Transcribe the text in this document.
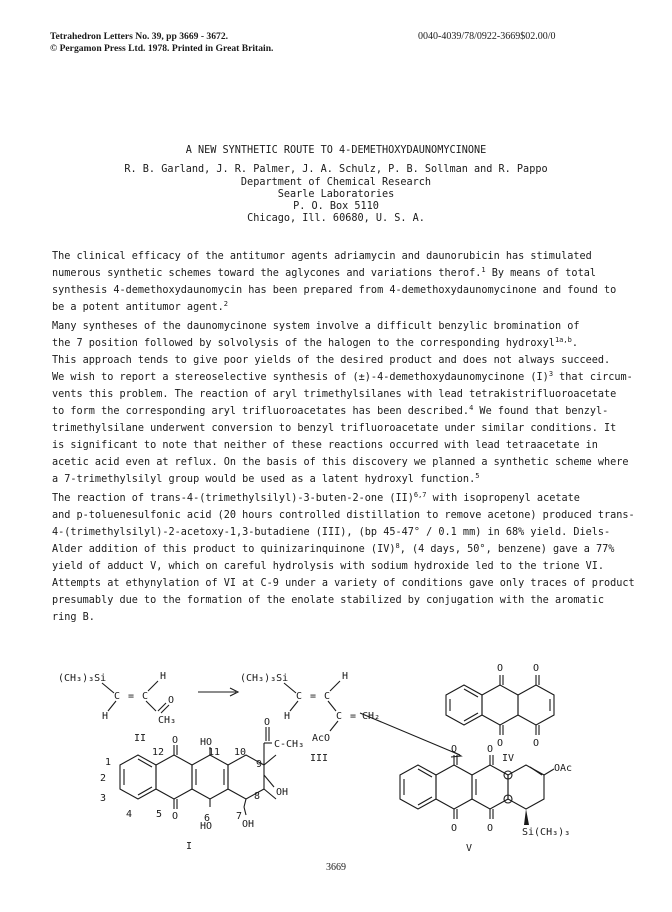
Tetrahedron Letters No. 39, pp 3669 - 3672.
© Pergamon Press Ltd. 1978. Printed in Great Britain.
0040-4039/78/0922-3669$02.00/0
A NEW SYNTHETIC ROUTE TO 4-DEMETHOXYDAUNOMYCINONE
R. B. Garland, J. R. Palmer, J. A. Schulz, P. B. Sollman and R. Pappo
Department of Chemical Research
Searle Laboratories
P. O. Box 5110
Chicago, Ill. 60680, U. S. A.
The clinical efficacy of the antitumor agents adriamycin and daunorubicin has stimulated
numerous synthetic schemes toward the aglycones and variations therof.$^1$ By means of total
synthesis 4-demethoxydaunomycin has been prepared from 4-demethoxydaunomycinone and found to
be a potent antitumor agent.$^2$
Many syntheses of the daunomycinone system involve a difficult benzylic bromination of
the 7 position followed by solvolysis of the halogen to the corresponding hydroxyl$^{1a,b}$.
This approach tends to give poor yields of the desired product and does not always succeed.
We wish to report a stereoselective synthesis of (±)-4-demethoxydaunomycinone $(I)^3$ that circum-
vents this problem. The reaction of aryl trimethylsilanes with lead tetrakistrifluoroacetate
to form the corresponding aryl trifluoroacetates has been described.$^4$ We found that benzyl-
trimethylsilane underwent conversion to benzyl trifluoroacetate under similar conditions. It
is significant to note that neither of these reactions occurred with lead tetraacetate in
acetic acid even at reflux. On the basis of this discovery we planned a synthetic scheme where
a 7-trimethylsilyl group would be used as a latent hydroxyl function.$^5$
The reaction of trans-4-(trimethylsilyl)-3-buten-2-one (II)$^{6,7}$ with isopropenyl acetate
and p-toluenesulfonic acid (20 hours controlled distillation to remove acetone) produced trans-
4-(trimethylsilyl)-2-acetoxy-1,3-butadiene (III), (bp 45-47° / 0.1 mm) in 68% yield. Diels-
Alder addition of this product to quinizarinquinone (IV)$^8$, (4 days, 50°, benzene) gave a 77%
yield of adduct V, which on careful hydrolysis with sodium hydroxide led to the trione VI.
Attempts at ethynylation of VI at C-9 under a variety of conditions gave only traces of product
presumably due to the formation of the enolate stabilized by conjugation with the aromatic
ring B.
(CH₃)₃Si
C
H
= C
H
O
CH₃
II
(CH₃)₃Si
C
H
= C
H
C = CH₂
AcO
III
O
O
O
O
IV
1
2
3
4 5	6	7
8
9
10
11
12
O
O
HO
HO
OH
OH
O
C-CH₃
I
O
O
O
O
OAc
Si(CH₃)₃
V
3669
